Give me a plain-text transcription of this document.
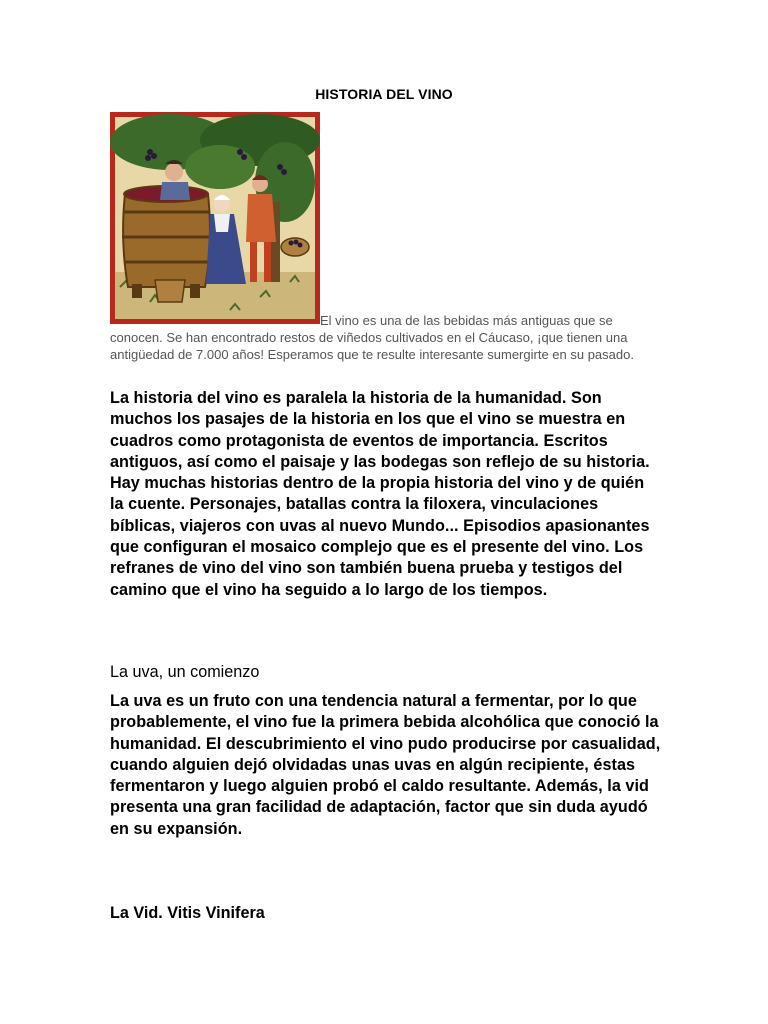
HISTORIA DEL VINO
El vino es una de las bebidas más antiguas que se conocen. Se han encontrado restos de viñedos cultivados en el Cáucaso, ¡que tienen una antigüedad de 7.000 años! Esperamos que te resulte interesante sumergirte en su pasado.
La historia del vino es paralela la historia de la humanidad. Son muchos los pasajes de la historia en los que el vino se muestra en cuadros como protagonista de eventos de importancia. Escritos antiguos, así como el paisaje y las bodegas son reflejo de su historia. Hay muchas historias dentro de la propia historia del vino y de quién la cuente. Personajes, batallas contra la filoxera, vinculaciones bíblicas, viajeros con uvas al nuevo Mundo... Episodios apasionantes que configuran el mosaico complejo que es el presente del vino. Los refranes de vino del vino son también buena prueba y testigos del camino que el vino ha seguido a lo largo de los tiempos.
La uva, un comienzo
La uva es un fruto con una tendencia natural a fermentar, por lo que probablemente, el vino fue la primera bebida alcohólica que conoció la humanidad. El descubrimiento el vino pudo producirse por casualidad, cuando alguien dejó olvidadas unas uvas en algún recipiente, éstas fermentaron y luego alguien probó el caldo resultante. Además, la vid presenta una gran facilidad de adaptación, factor que sin duda ayudó en su expansión.
La Vid. Vitis Vinifera
